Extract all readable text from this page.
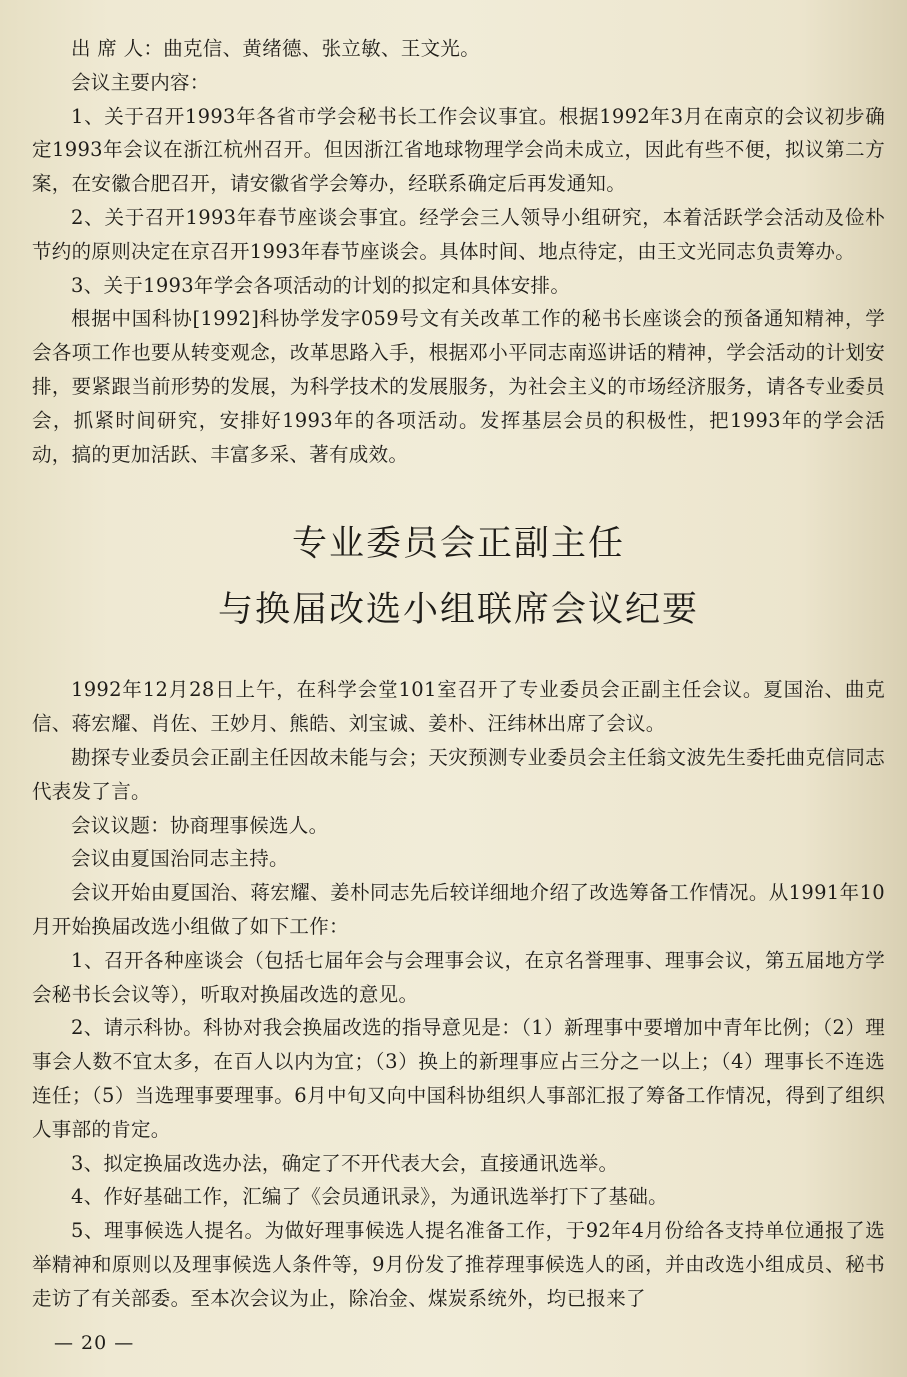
出 席 人：曲克信、黄绪德、张立敏、王文光。

会议主要内容：

1、关于召开1993年各省市学会秘书长工作会议事宜。根据1992年3月在南京的会议初步确定1993年会议在浙江杭州召开。但因浙江省地球物理学会尚未成立，因此有些不便，拟议第二方案，在安徽合肥召开，请安徽省学会筹办，经联系确定后再发通知。

2、关于召开1993年春节座谈会事宜。经学会三人领导小组研究，本着活跃学会活动及俭朴节约的原则决定在京召开1993年春节座谈会。具体时间、地点待定，由王文光同志负责筹办。

3、关于1993年学会各项活动的计划的拟定和具体安排。

根据中国科协[1992]科协学发字059号文有关改革工作的秘书长座谈会的预备通知精神，学会各项工作也要从转变观念，改革思路入手，根据邓小平同志南巡讲话的精神，学会活动的计划安排，要紧跟当前形势的发展，为科学技术的发展服务，为社会主义的市场经济服务，请各专业委员会，抓紧时间研究，安排好1993年的各项活动。发挥基层会员的积极性，把1993年的学会活动，搞的更加活跃、丰富多采、著有成效。

专业委员会正副主任
与换届改选小组联席会议纪要

1992年12月28日上午，在科学会堂101室召开了专业委员会正副主任会议。夏国治、曲克信、蒋宏耀、肖佐、王妙月、熊皓、刘宝诚、姜朴、汪纬林出席了会议。

勘探专业委员会正副主任因故未能与会；天灾预测专业委员会主任翁文波先生委托曲克信同志代表发了言。

会议议题：协商理事候选人。

会议由夏国治同志主持。

会议开始由夏国治、蒋宏耀、姜朴同志先后较详细地介绍了改选筹备工作情况。从1991年10月开始换届改选小组做了如下工作：

1、召开各种座谈会（包括七届年会与会理事会议，在京名誉理事、理事会议，第五届地方学会秘书长会议等），听取对换届改选的意见。

2、请示科协。科协对我会换届改选的指导意见是：（1）新理事中要增加中青年比例；（2）理事会人数不宜太多，在百人以内为宜；（3）换上的新理事应占三分之一以上；（4）理事长不连选连任；（5）当选理事要理事。6月中旬又向中国科协组织人事部汇报了筹备工作情况，得到了组织人事部的肯定。

3、拟定换届改选办法，确定了不开代表大会，直接通讯选举。

4、作好基础工作，汇编了《会员通讯录》，为通讯选举打下了基础。

5、理事候选人提名。为做好理事候选人提名准备工作，于92年4月份给各支持单位通报了选举精神和原则以及理事候选人条件等，9月份发了推荐理事候选人的函，并由改选小组成员、秘书走访了有关部委。至本次会议为止，除冶金、煤炭系统外，均已报来了

— 20 —
